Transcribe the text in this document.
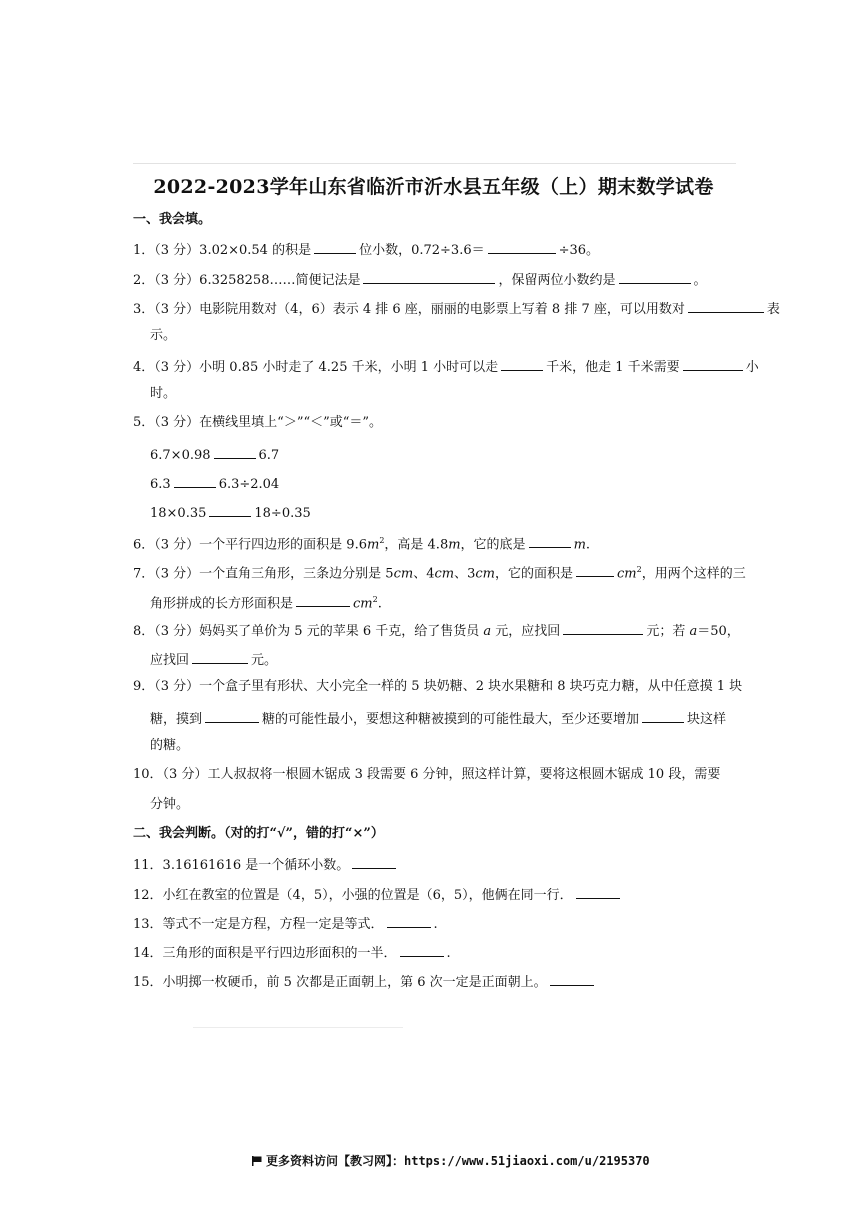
2022-2023学年山东省临沂市沂水县五年级（上）期末数学试卷
一、我会填。
1．（3 分）3.02×0.54 的积是	位小数，0.72÷3.6＝	÷36。
2．（3 分）6.3258258……简便记法是	，保留两位小数约是	。
3．（3 分）电影院用数对（4，6）表示 4 排 6 座，丽丽的电影票上写着 8 排 7 座，可以用数对	表
示。
4．（3 分）小明 0.85 小时走了 4.25 千米，小明 1 小时可以走	千米，他走 1 千米需要	小
时。
5．（3 分）在横线里填上“＞”“＜”或“＝”。
6.7×0.98	6.7
6.3	6.3÷2.04
18×0.35	18÷0.35
6．（3 分）一个平行四边形的面积是 $9.6m^2$，高是 4.8m，它的底是	m.
7．（3 分）一个直角三角形，三条边分别是 5cm、4cm、3cm，它的面积是	$cm^2$，用两个这样的三
角形拼成的长方形面积是	$cm^2$.
8．（3 分）妈妈买了单价为 5 元的苹果 6 千克，给了售货员 a 元，应找回	元；若 a＝50，
应找回	元。
9．（3 分）一个盒子里有形状、大小完全一样的 5 块奶糖、2 块水果糖和 8 块巧克力糖，从中任意摸 1 块
糖，摸到	糖的可能性最小，要想这种糖被摸到的可能性最大，至少还要增加	块这样
的糖。
10．（3 分）工人叔叔将一根圆木锯成 3 段需要 6 分钟，照这样计算，要将这根圆木锯成 10 段，需要
分钟。
二、我会判断。（对的打“√”，错的打“×”）
11．3.16161616 是一个循环小数。
12．小红在教室的位置是（4，5），小强的位置是（6，5），他俩在同一行．
13．等式不一定是方程，方程一定是等式．	.
14．三角形的面积是平行四边形面积的一半．	.
15．小明掷一枚硬币，前 5 次都是正面朝上，第 6 次一定是正面朝上。
更多资料访问【教习网】：https://www.51jiaoxi.com/u/2195370
